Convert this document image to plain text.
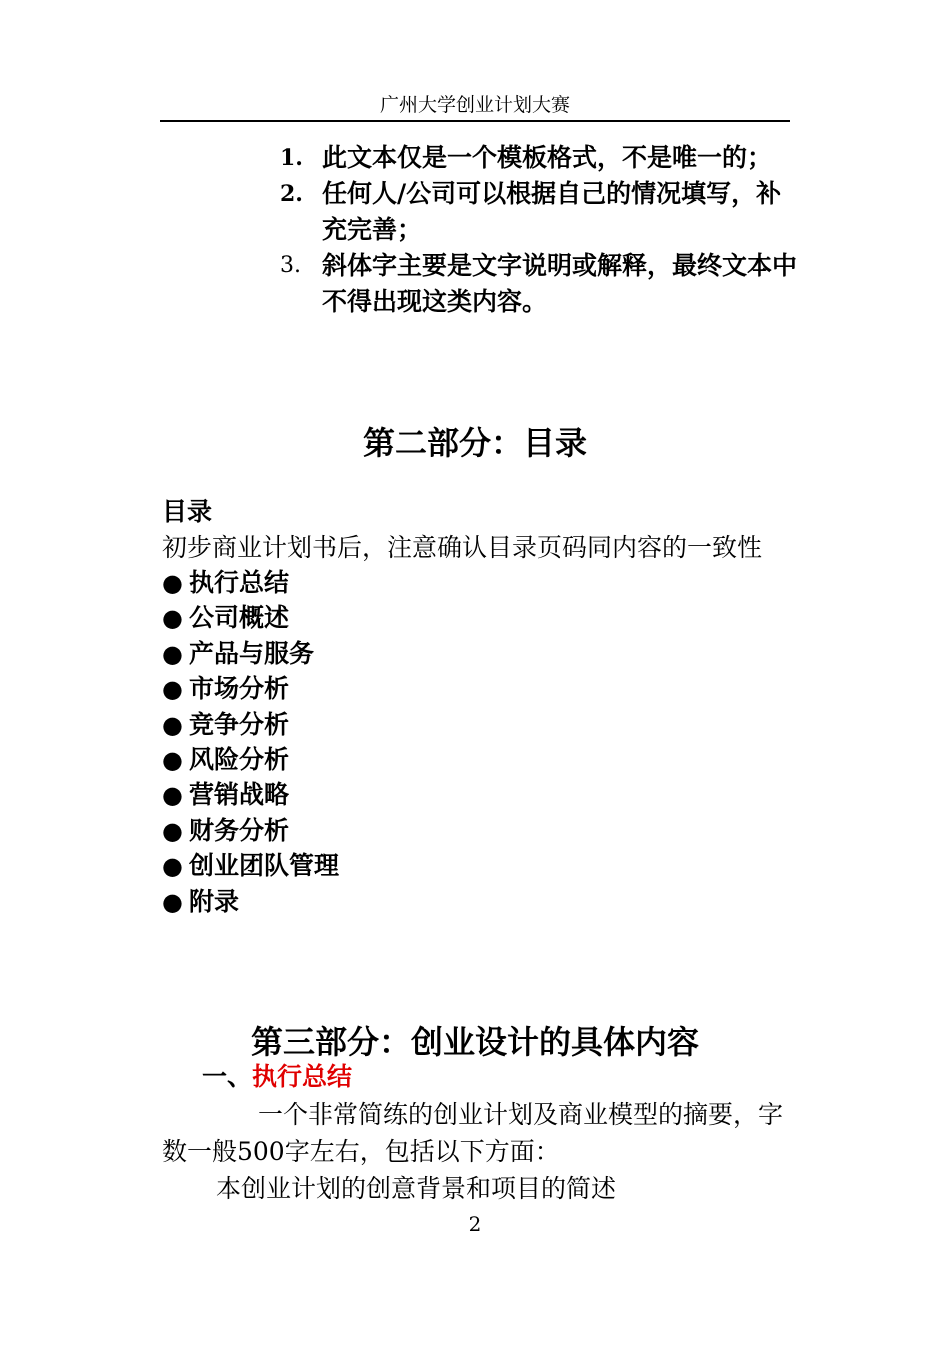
广州大学创业计划大赛
1. 此文本仅是一个模板格式，不是唯一的；
2. 任何人/公司可以根据自己的情况填写，补充完善；
3. 斜体字主要是文字说明或解释，最终文本中不得出现这类内容。
第二部分：目录
目录
初步商业计划书后，注意确认目录页码同内容的一致性
● 执行总结
● 公司概述
● 产品与服务
● 市场分析
● 竞争分析
● 风险分析
● 营销战略
● 财务分析
● 创业团队管理
● 附录
第三部分：创业设计的具体内容
一、执行总结

一个非常简练的创业计划及商业模型的摘要，字数一般500字左右，包括以下方面：

本创业计划的创意背景和项目的简述

2
